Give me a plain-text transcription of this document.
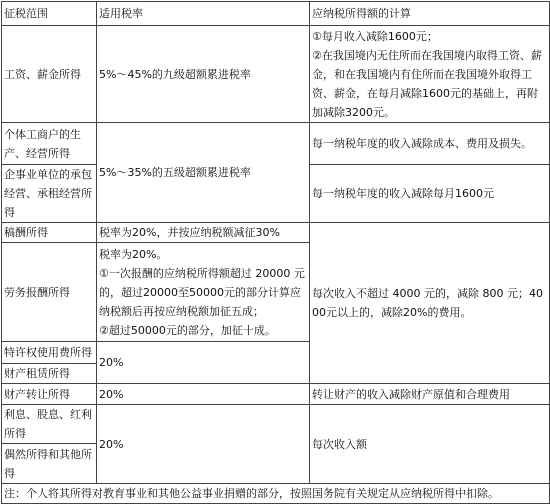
征税范围	适用税率	应纳税所得额的计算
工资、薪金所得	5%～45%的九级超额累进税率	①每月收入减除1600元；
②在我国境内无住所而在我国境内取得工资、薪金，和在我国境内有住所而在我国境外取得工资、薪金，在每月减除1600元的基础上，再附加减除3200元。

个体工商户的生产、经营所得	5%～35%的五级超额累进税率	每一纳税年度的收入减除成本、费用及损失。
企事业单位的承包经营、承租经营所得		每一纳税年度的收入减除每月1600元
稿酬所得	税率为20%，并按应纳税额减征30%	每次收入不超过 4000 元的，减除 800 元；4000元以上的，减除20%的费用。
劳务报酬所得	税率为20%。
①一次报酬的应纳税所得额超过 20000 元的，超过20000至50000元的部分计算应纳税额后再按应纳税额加征五成；
②超过50000元的部分，加征十成。	

特许权使用费所得	20%	
财产租赁所得		
财产转让所得	20%	转让财产的收入减除财产原值和合理费用
利息、股息、红利所得	20%	每次收入额
偶然所得和其他所得		
注：个人将其所得对教育事业和其他公益事业捐赠的部分，按照国务院有关规定从应纳税所得中扣除。		
